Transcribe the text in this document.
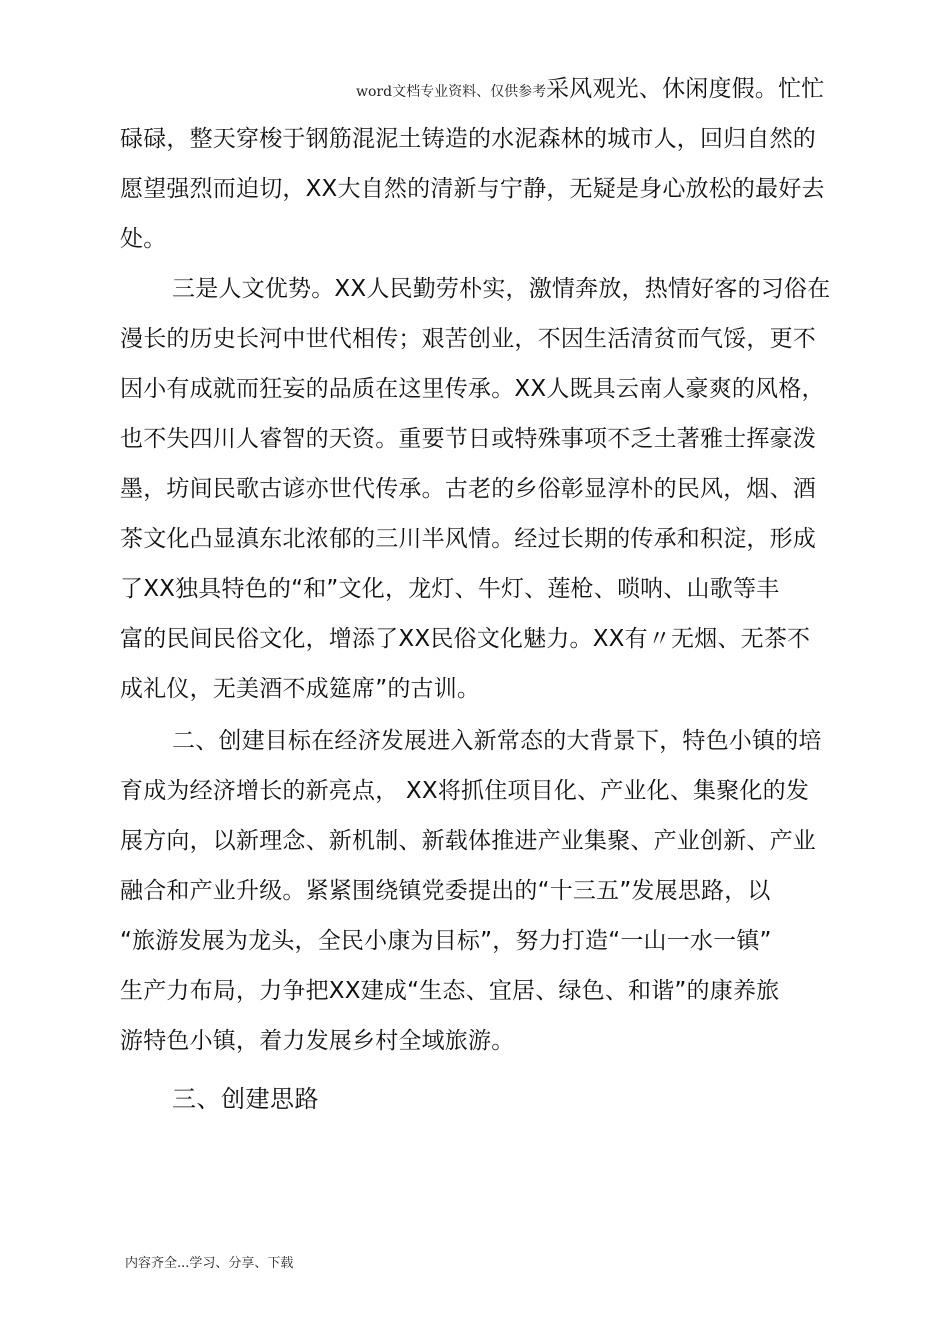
word文档专业资料、仅供参考采风观光、休闲度假。忙忙
碌碌，整天穿梭于钢筋混泥土铸造的水泥森林的城市人，回归自然的
愿望强烈而迫切，XX大自然的清新与宁静，无疑是身心放松的最好去
处。
三是人文优势。XX人民勤劳朴实，激情奔放，热情好客的习俗在
漫长的历史长河中世代相传；艰苦创业，不因生活清贫而气馁，更不
因小有成就而狂妄的品质在这里传承。XX人既具云南人豪爽的风格，
也不失四川人睿智的天资。重要节日或特殊事项不乏土著雅士挥豪泼
墨，坊间民歌古谚亦世代传承。古老的乡俗彰显淳朴的民风，烟、酒
茶文化凸显滇东北浓郁的三川半风情。经过长期的传承和积淀，形成
了XX独具特色的“和”文化，龙灯、牛灯、莲枪、唢呐、山歌等丰
富的民间民俗文化，增添了XX民俗文化魅力。XX有〃无烟、无茶不
成礼仪，无美酒不成筵席”的古训。
二、创建目标在经济发展进入新常态的大背景下，特色小镇的培
育成为经济增长的新亮点， XX将抓住项目化、产业化、集聚化的发
展方向，以新理念、新机制、新载体推进产业集聚、产业创新、产业
融合和产业升级。紧紧围绕镇党委提出的“十三五”发展思路，以
“旅游发展为龙头，全民小康为目标”，努力打造“一山一水一镇”
生产力布局，力争把XX建成“生态、宜居、绿色、和谐”的康养旅
游特色小镇，着力发展乡村全域旅游。
三、创建思路
内容齐全...学习、分享、下载
